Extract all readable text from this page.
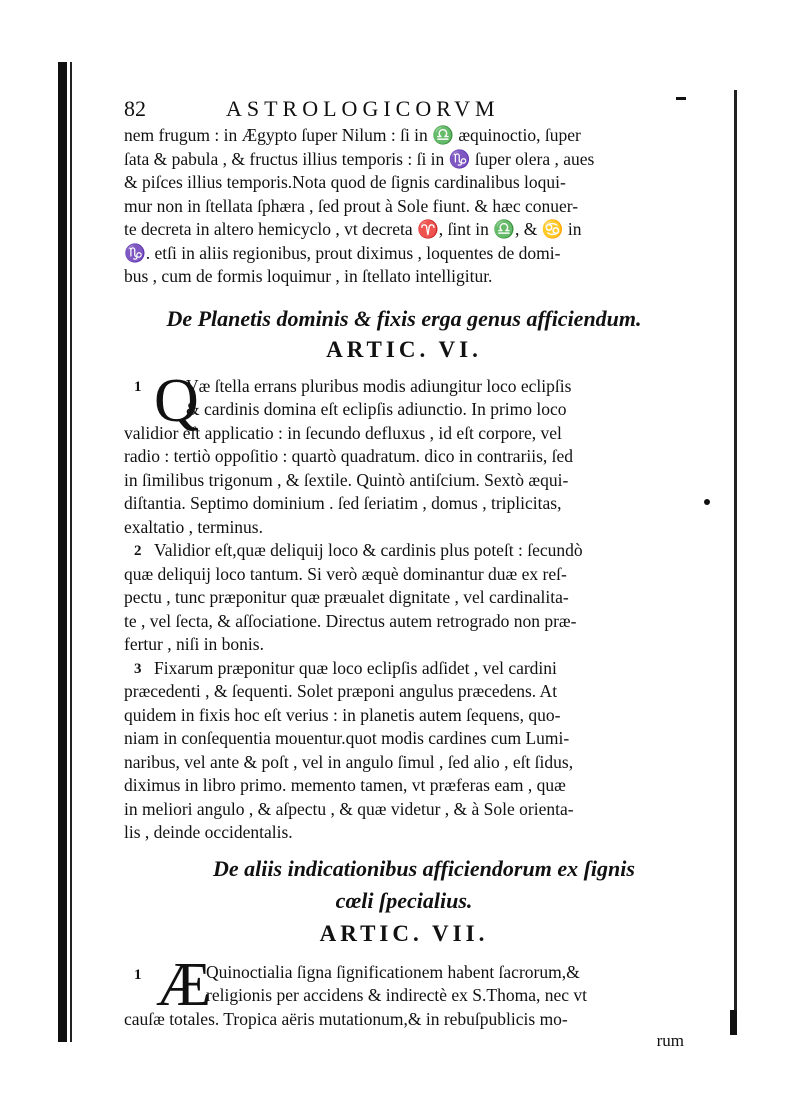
82	ASTROLOGICORVM
nem frugum : in Ægypto ſuper Nilum : ſi in ♎ æquinoctio, ſuper
ſata & pabula , & fructus illius temporis : ſi in ♑ ſuper olera , aues
& piſces illius temporis.Nota quod de ſignis cardinalibus loqui-
mur non in ſtellata ſphæra , ſed prout à Sole fiunt. & hæc conuer-
te decreta in altero hemicyclo , vt decreta ♈, ſint in ♎, & ♋ in
♑. etſi in aliis regionibus, prout diximus , loquentes de domi-
bus , cum de formis loquimur , in ſtellato intelligitur.
De Planetis dominis & fixis erga genus afficiendum.
ARTIC. VI.
1 Q
Væ ſtella errans pluribus modis adiungitur loco eclipſis
& cardinis domina eſt eclipſis adiunctio. In primo loco
validior eſt applicatio : in ſecundo defluxus , id eſt corpore, vel
radio : tertiò oppoſitio : quartò quadratum. dico in contrariis, ſed
in ſimilibus trigonum , & ſextile. Quintò antiſcium. Sextò æqui-
diſtantia. Septimo dominium . ſed ſeriatim , domus , triplicitas,
exaltatio , terminus.
2 Validior eſt,quæ deliquij loco & cardinis plus poteſt : ſecundò
quæ deliquij loco tantum. Si verò æquè dominantur duæ ex reſ-
pectu , tunc præponitur quæ præualet dignitate , vel cardinalita-
te , vel ſecta, & aſſociatione. Directus autem retrogrado non præ-
fertur , niſi in bonis.
3 Fixarum præponitur quæ loco eclipſis adſidet , vel cardini
præcedenti , & ſequenti. Solet præponi angulus præcedens. At
quidem in fixis hoc eſt verius : in planetis autem ſequens, quo-
niam in conſequentia mouentur.quot modis cardines cum Lumi-
naribus, vel ante & poſt , vel in angulo ſimul , ſed alio , eſt ſidus,
diximus in libro primo. memento tamen, vt præferas eam , quæ
in meliori angulo , & aſpectu , & quæ videtur , & à Sole orienta-
lis , deinde occidentalis.
De aliis indicationibus afficiendorum ex ſignis
cœli ſpecialius.
ARTIC. VII.
1 Æ
Quinoctialia ſigna ſignificationem habent ſacrorum,&
religionis per accidens & indirectè ex S.Thoma, nec vt
cauſæ totales. Tropica aëris mutationum,& in rebuſpublicis mo-
rum
